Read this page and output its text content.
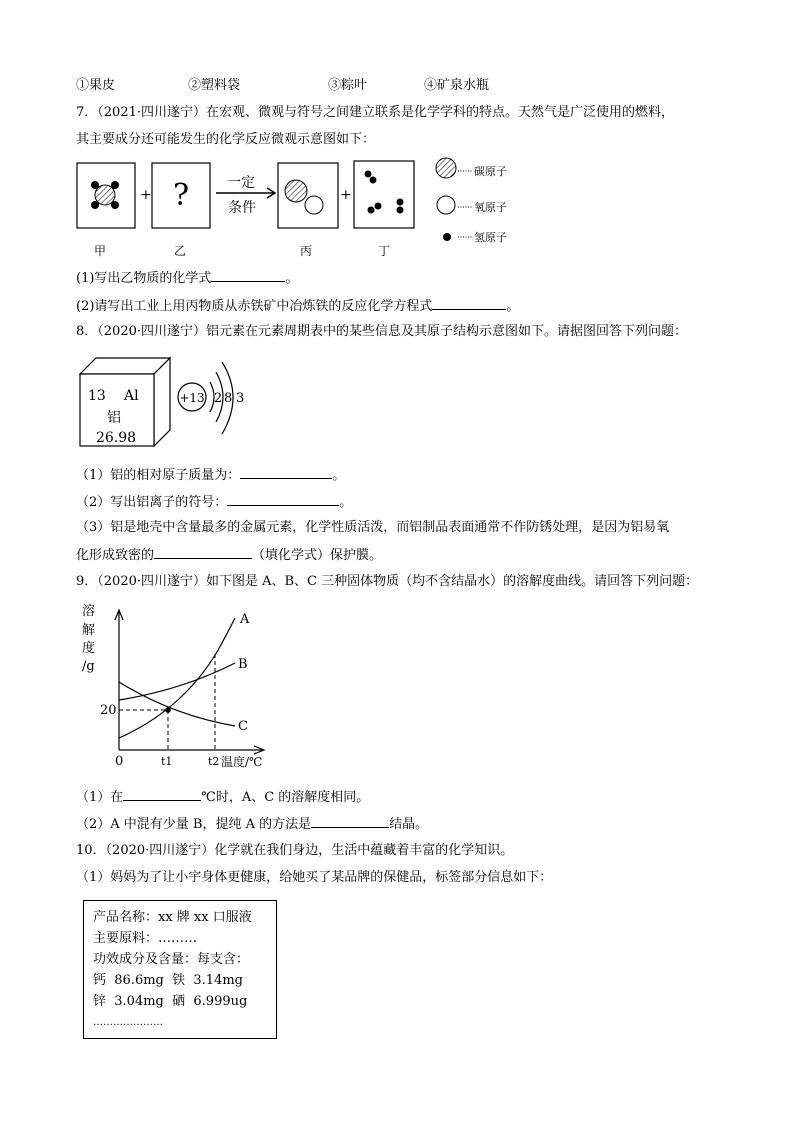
①果皮	②塑料袋	③粽叶	④矿泉水瓶
7．（2021·四川遂宁）在宏观、微观与符号之间建立联系是化学学科的特点。天然气是广泛使用的燃料，
其主要成分还可能发生的化学反应微观示意图如下：
+ ?	一定
条件
+
甲	乙	丙	丁
碳原子
氧原子
氢原子
(1)写出乙物质的化学式	。
(2)请写出工业上用丙物质从赤铁矿中冶炼铁的反应化学方程式	。
8．（2020·四川遂宁）铝元素在元素周期表中的某些信息及其原子结构示意图如下。请据图回答下列问题：
13 Al
铝
26.98
+13 2 8 3
（1）铝的相对原子质量为：	。
（2）写出铝离子的符号：	。
（3）铝是地壳中含量最多的金属元素，化学性质活泼，而铝制品表面通常不作防锈处理，是因为铝易氧
化形成致密的	（填化学式）保护膜。
9．（2020·四川遂宁）如下图是 A、B、C 三种固体物质（均不含结晶水）的溶解度曲线。请回答下列问题：
溶
解
度
/g
A
B
C
20
0	t1	t2 温度/℃
（1）在	℃时，A、C 的溶解度相同。
（2）A 中混有少量 B，提纯 A 的方法是	结晶。
10．（2020·四川遂宁）化学就在我们身边，生活中蕴藏着丰富的化学知识。
（1）妈妈为了让小宇身体更健康，给她买了某品牌的保健品，标签部分信息如下：
产品名称：xx 牌 xx 口服液
主要原料：………
功效成分及含量：每支含：
钙  86.6mg  铁  3.14mg
锌  3.04mg  硒  6.999ug
…………………
